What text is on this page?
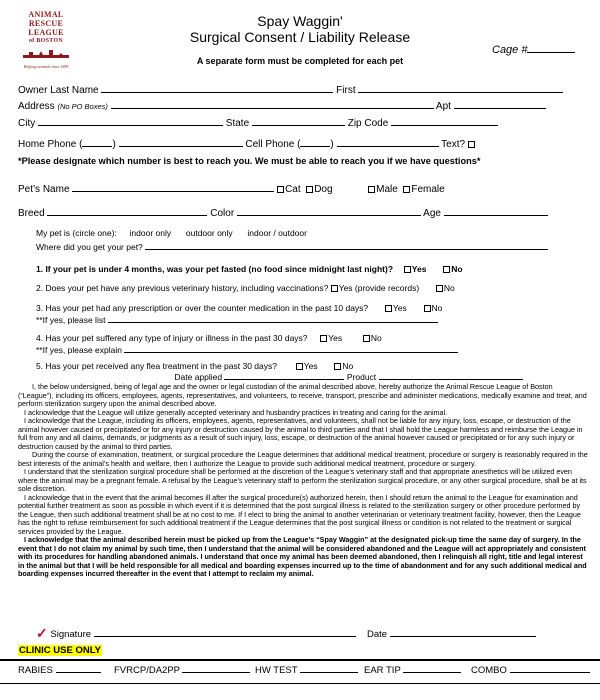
ANIMAL
RESCUE
LEAGUE
of BOSTON
Helping animals since 1899
Spay Waggin'
Surgical Consent / Liability Release
Cage #
A separate form must be completed for each pet
Owner Last Name	First
Address (No PO Boxes)	Apt
City	State	Zip Code
Home Phone (	)	Cell Phone (	)	Text?
*Please designate which number is best to reach you. We must be able to reach you if we have questions*
Pet’s Name	Cat Dog	Male Female
Breed	Color	Age
My pet is (circle one): indoor only outdoor only indoor / outdoor
Where did you get your pet?
1. If your pet is under 4 months, was your pet fasted (no food since midnight last night)? Yes	No
2. Does your pet have any previous veterinary history, including vaccinations? Yes (provide records)	No
3. Has your pet had any prescription or over the counter medication in the past 10 days?	Yes	No
**If yes, please list
4. Has your pet suffered any type of injury or illness in the past 30 days? Yes	No
**If yes, please explain
5. Has your pet received any flea treatment in the past 30 days?	Yes	No
Date applied	Product

I, the below undersigned, being of legal age and the owner or legal custodian of the animal described above, hereby authorize the Animal Rescue League of Boston (“League”), including its officers, employees, agents, representatives, and volunteers, to receive, transport, prescribe and administer medications, medically examine and treat, and perform sterilization surgery upon the animal described above.

I acknowledge that the League will utilize generally accepted veterinary and husbandry practices in treating and caring for the animal.

I acknowledge that the League, including its officers, employees, agents, representatives, and volunteers, shall not be liable for any injury, loss, escape, or destruction of the animal however caused or precipitated or for any injury or destruction caused by the animal to third parties and that I shall hold the League harmless and reimburse the League in full from any and all claims, demands, or judgments as a result of such injury, loss, escape, or destruction of the animal however caused or precipitated or for any such injury or destruction caused by the animal to third parties.

During the course of examination, treatment, or surgical procedure the League determines that additional medical treatment, procedure or surgery is reasonably required in the best interests of the animal’s health and welfare, then I authorize the League to provide such additional medical treatment, procedure or surgery.

I understand that the sterilization surgical procedure shall be performed at the discretion of the League’s veterinary staff and that appropriate anesthetics will be utilized even where the animal may be a pregnant female. A refusal by the League’s veterinary staff to perform the sterilization surgical procedure, or any other surgical procedure, shall be at its sole discretion.

I acknowledge that in the event that the animal becomes ill after the surgical procedure(s) authorized herein, then I should return the animal to the League for examination and potential further treatment as soon as possible in which event if it is determined that the post surgical illness is related to the sterilization surgery or other procedure performed by the League, then such additional treatment shall be at no cost to me. If I elect to bring the animal to another veterinarian or veterinary treatment facility, however, then the League has the right to refuse reimbursement for such additional treatment if the League determines that the post surgical illness or condition is not related to the treatment or surgical services provided by the League.

I acknowledge that the animal described herein must be picked up from the League’s “Spay Waggin” at the designated pick-up time the same day of surgery. In the event that I do not claim my animal by such time, then I understand that the animal will be considered abandoned and the League will act appropriately and consistent with its procedures for handling abandoned animals. I understand that once my animal has been deemed abandoned, then I relinquish all right, title and legal interest in the animal but that I will be held responsible for all medical and boarding expenses incurred up to the time of abandonment and for any such additional medical and boarding expenses incurred thereafter in the event that I attempt to reclaim my animal.

✓ Signature	Date
CLINIC USE ONLY
RABIES	FVRCP/DA2PP	HW TEST	EAR TIP	COMBO
